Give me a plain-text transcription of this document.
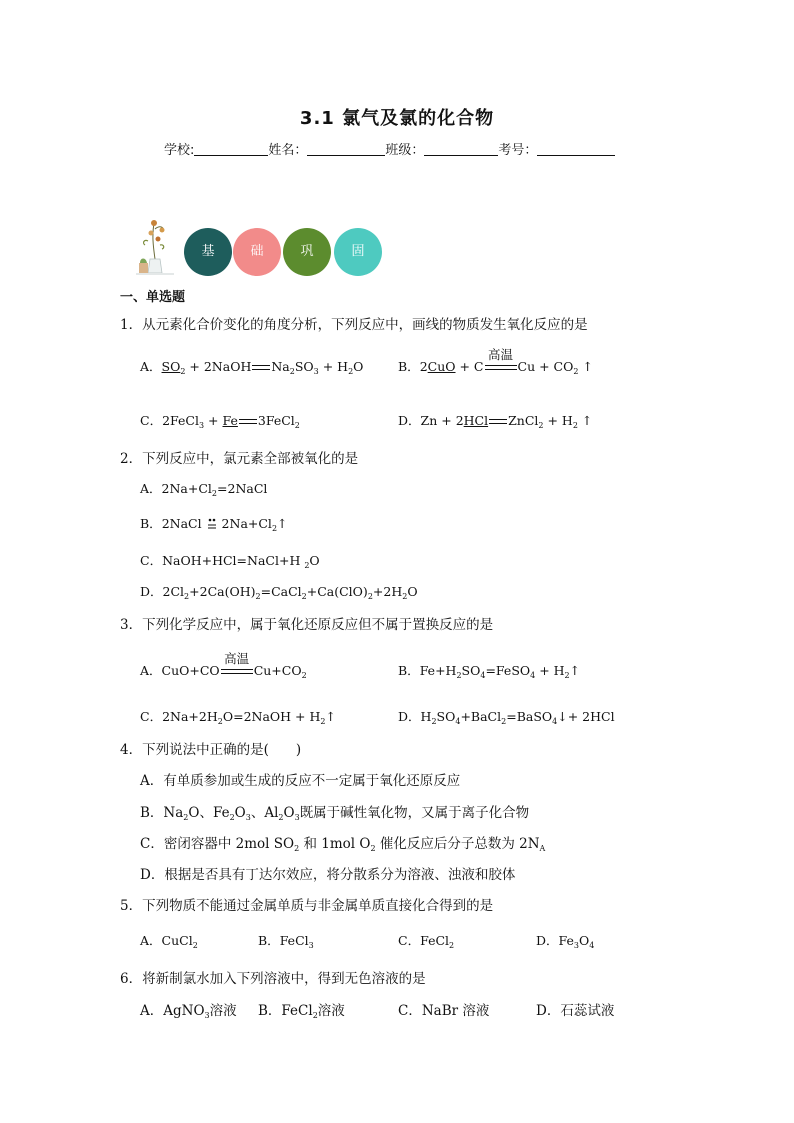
3.1 氯气及氯的化合物
学校:	姓名：	班级：	考号：
基	础	巩	固
一、单选题
1．从元素化合价变化的角度分析，下列反应中，画线的物质发生氧化反应的是
A．$SO_2$ + 2NaOH $Na_2SO_3 + H_2O$	B．2CuO + C
高温
$Cu + CO_2$ ↑
C．2FeCl$_3$ + Fe 3FeCl$_2$	D．Zn + 2HCl ZnCl$_2$ + $H_2$ ↑
2．下列反应中，氯元素全部被氧化的是
A．$2Na+Cl_2=2NaCl$
B．2NaCl  $2Na+Cl_2↑$
C．NaOH+HCl=NaCl+H $_2$O
D．$2Cl_2+2Ca(OH)_2=CaCl_2+Ca(ClO)_2+2H_2O$
3．下列化学反应中，属于氧化还原反应但不属于置换反应的是
A．CuO+CO
高温
$Cu+CO_2$	B．$Fe+H_2SO_4=FeSO_4$ + $H_2↑$
C．$2Na+2H_2O=2NaOH$ + $H_2↑$	D．$H_2SO_4+BaCl_2=BaSO_4↓+ 2HCl$
4．下列说法中正确的是(　　)
A．有单质参加或生成的反应不一定属于氧化还原反应
B．$Na_2O$、$Fe_2O_3$、$Al_2O_3$既属于碱性氧化物，又属于离子化合物
C．密闭容器中 2mol $SO_2$ 和 1mol $O_2$ 催化反应后分子总数为 $2N_A$
D．根据是否具有丁达尔效应，将分散系分为溶液、浊液和胶体
5．下列物质不能通过金属单质与非金属单质直接化合得到的是
A．CuCl$_2$	B．FeCl$_3$	C．FeCl$_2$	D．$Fe_3O_4$
6．将新制氯水加入下列溶液中，得到无色溶液的是
A．AgNO$_3$溶液 B．FeCl$_2$溶液	C．NaBr 溶液	D．石蕊试液
